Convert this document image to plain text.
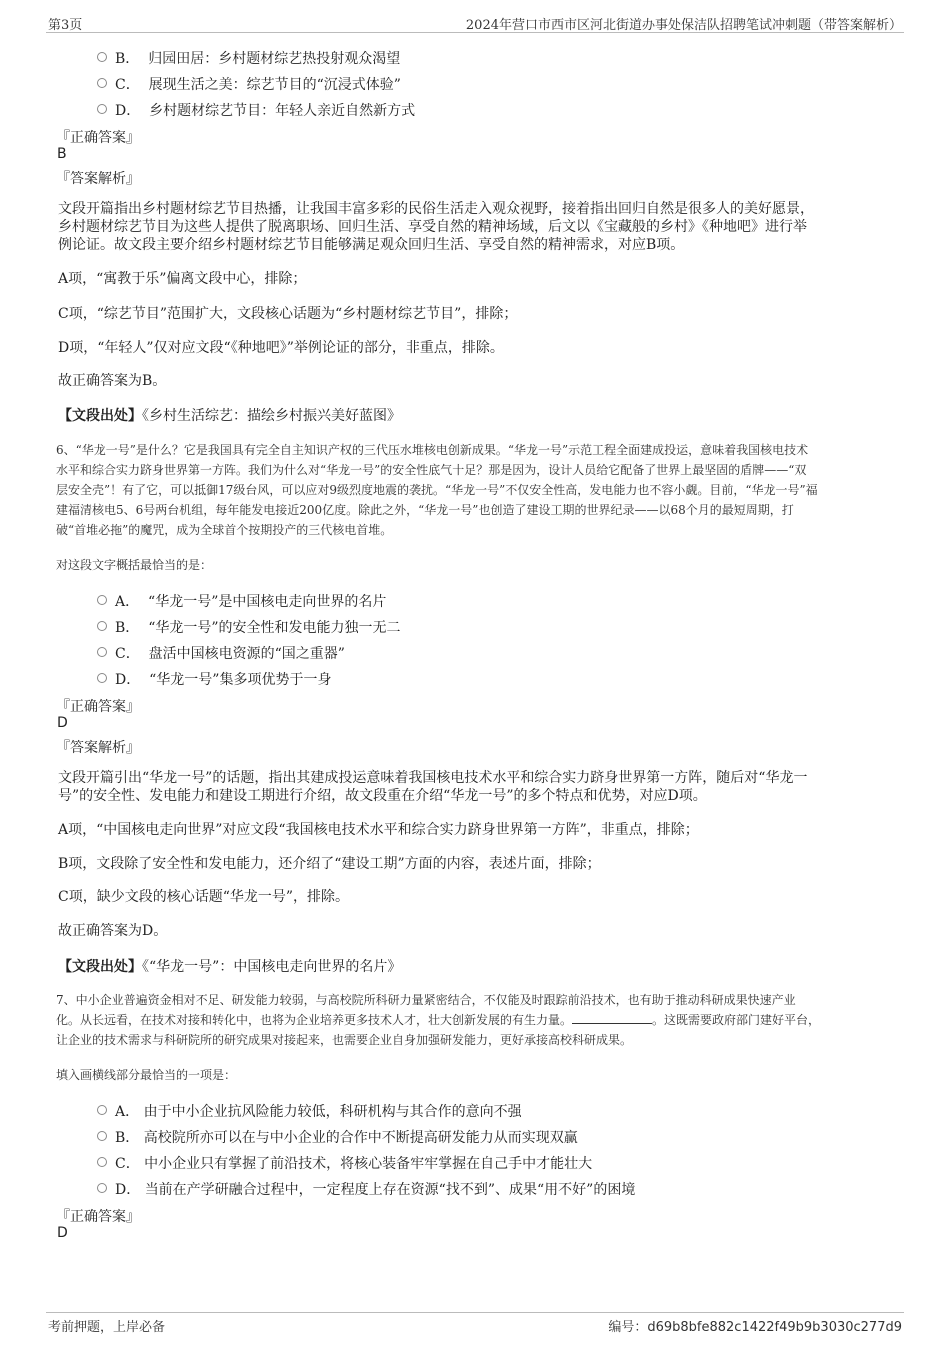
第3页	2024年营口市西市区河北街道办事处保洁队招聘笔试冲刺题（带答案解析）
B． 归园田居：乡村题材综艺热投射观众渴望
C． 展现生活之美：综艺节目的“沉浸式体验”
D． 乡村题材综艺节目：年轻人亲近自然新方式
『正确答案』
B
『答案解析』
文段开篇指出乡村题材综艺节目热播，让我国丰富多彩的民俗生活走入观众视野，接着指出回归自然是很多人的美好愿景，
乡村题材综艺节目为这些人提供了脱离职场、回归生活、享受自然的精神场域，后文以《宝藏般的乡村》《种地吧》进行举
例论证。故文段主要介绍乡村题材综艺节目能够满足观众回归生活、享受自然的精神需求，对应B项。
A项，“寓教于乐”偏离文段中心，排除；
C项，“综艺节目”范围扩大，文段核心话题为“乡村题材综艺节目”，排除；
D项，“年轻人”仅对应文段“《种地吧》”举例论证的部分，非重点，排除。
故正确答案为B。
【文段出处】《乡村生活综艺：描绘乡村振兴美好蓝图》
6、“华龙一号”是什么？它是我国具有完全自主知识产权的三代压水堆核电创新成果。“华龙一号”示范工程全面建成投运，意味着我国核电技术
水平和综合实力跻身世界第一方阵。我们为什么对“华龙一号”的安全性底气十足？那是因为，设计人员给它配备了世界上最坚固的盾牌——“双
层安全壳”！有了它，可以抵御17级台风，可以应对9级烈度地震的袭扰。“华龙一号”不仅安全性高，发电能力也不容小觑。目前，“华龙一号”福
建福清核电5、6号两台机组，每年能发电接近200亿度。除此之外，“华龙一号”也创造了建设工期的世界纪录——以68个月的最短周期，打
破“首堆必拖”的魔咒，成为全球首个按期投产的三代核电首堆。
对这段文字概括最恰当的是：
A． “华龙一号”是中国核电走向世界的名片
B． “华龙一号”的安全性和发电能力独一无二
C． 盘活中国核电资源的“国之重器”
D． “华龙一号”集多项优势于一身
『正确答案』
D
『答案解析』
文段开篇引出“华龙一号”的话题，指出其建成投运意味着我国核电技术水平和综合实力跻身世界第一方阵，随后对“华龙一
号”的安全性、发电能力和建设工期进行介绍，故文段重在介绍“华龙一号”的多个特点和优势，对应D项。
A项，“中国核电走向世界”对应文段“我国核电技术水平和综合实力跻身世界第一方阵”，非重点，排除；
B项，文段除了安全性和发电能力，还介绍了“建设工期”方面的内容，表述片面，排除；
C项，缺少文段的核心话题“华龙一号”，排除。
故正确答案为D。
【文段出处】《“华龙一号”：中国核电走向世界的名片》
7、中小企业普遍资金相对不足、研发能力较弱，与高校院所科研力量紧密结合，不仅能及时跟踪前沿技术，也有助于推动科研成果快速产业
化。从长远看，在技术对接和转化中，也将为企业培养更多技术人才，壮大创新发展的有生力量。	。这既需要政府部门建好平台，
让企业的技术需求与科研院所的研究成果对接起来，也需要企业自身加强研发能力，更好承接高校科研成果。
填入画横线部分最恰当的一项是：
A． 由于中小企业抗风险能力较低，科研机构与其合作的意向不强
B． 高校院所亦可以在与中小企业的合作中不断提高研发能力从而实现双赢
C． 中小企业只有掌握了前沿技术，将核心装备牢牢掌握在自己手中才能壮大
D． 当前在产学研融合过程中，一定程度上存在资源“找不到”、成果“用不好”的困境
『正确答案』
D
考前押题，上岸必备	编号：d69b8bfe882c1422f49b9b3030c277d9
